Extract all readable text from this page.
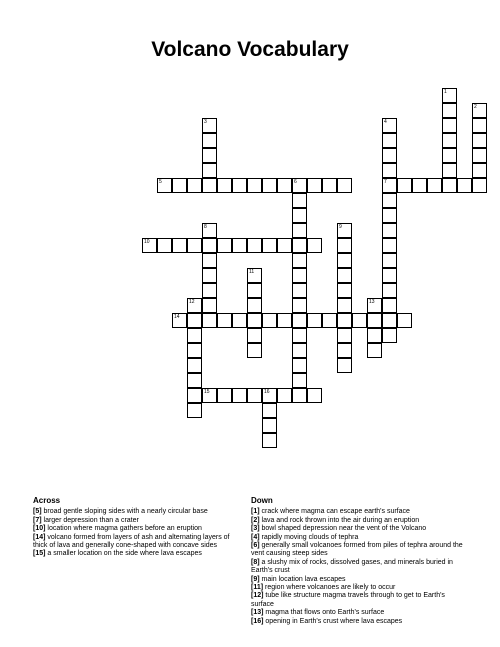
Volcano Vocabulary
1
2
3	4
7
5	6
8	9
10
11
12	13
14
15	16
Across
[5] broad gentle sloping sides with a nearly circular base
[7] larger depression than a crater
[10] location where magma gathers before an eruption
[14] volcano formed from layers of ash and alternating layers of thick of lava and generally cone-shaped with concave sides
[15] a smaller location on the side where lava escapes
Down
[1] crack where magma can escape earth's surface
[2] lava and rock thrown into the air during an eruption
[3] bowl shaped depression near the vent of the Volcano
[4] rapidly moving clouds of tephra
[6] generally small volcanoes formed from piles of tephra around the vent causing steep sides
[8] a slushy mix of rocks, dissolved gases, and minerals buried in Earth's crust
[9] main location lava escapes
[11] region where volcanoes are likely to occur
[12] tube like structure magma travels through to get to Earth's surface
[13] magma that flows onto Earth's surface
[16] opening in Earth's crust where lava escapes
